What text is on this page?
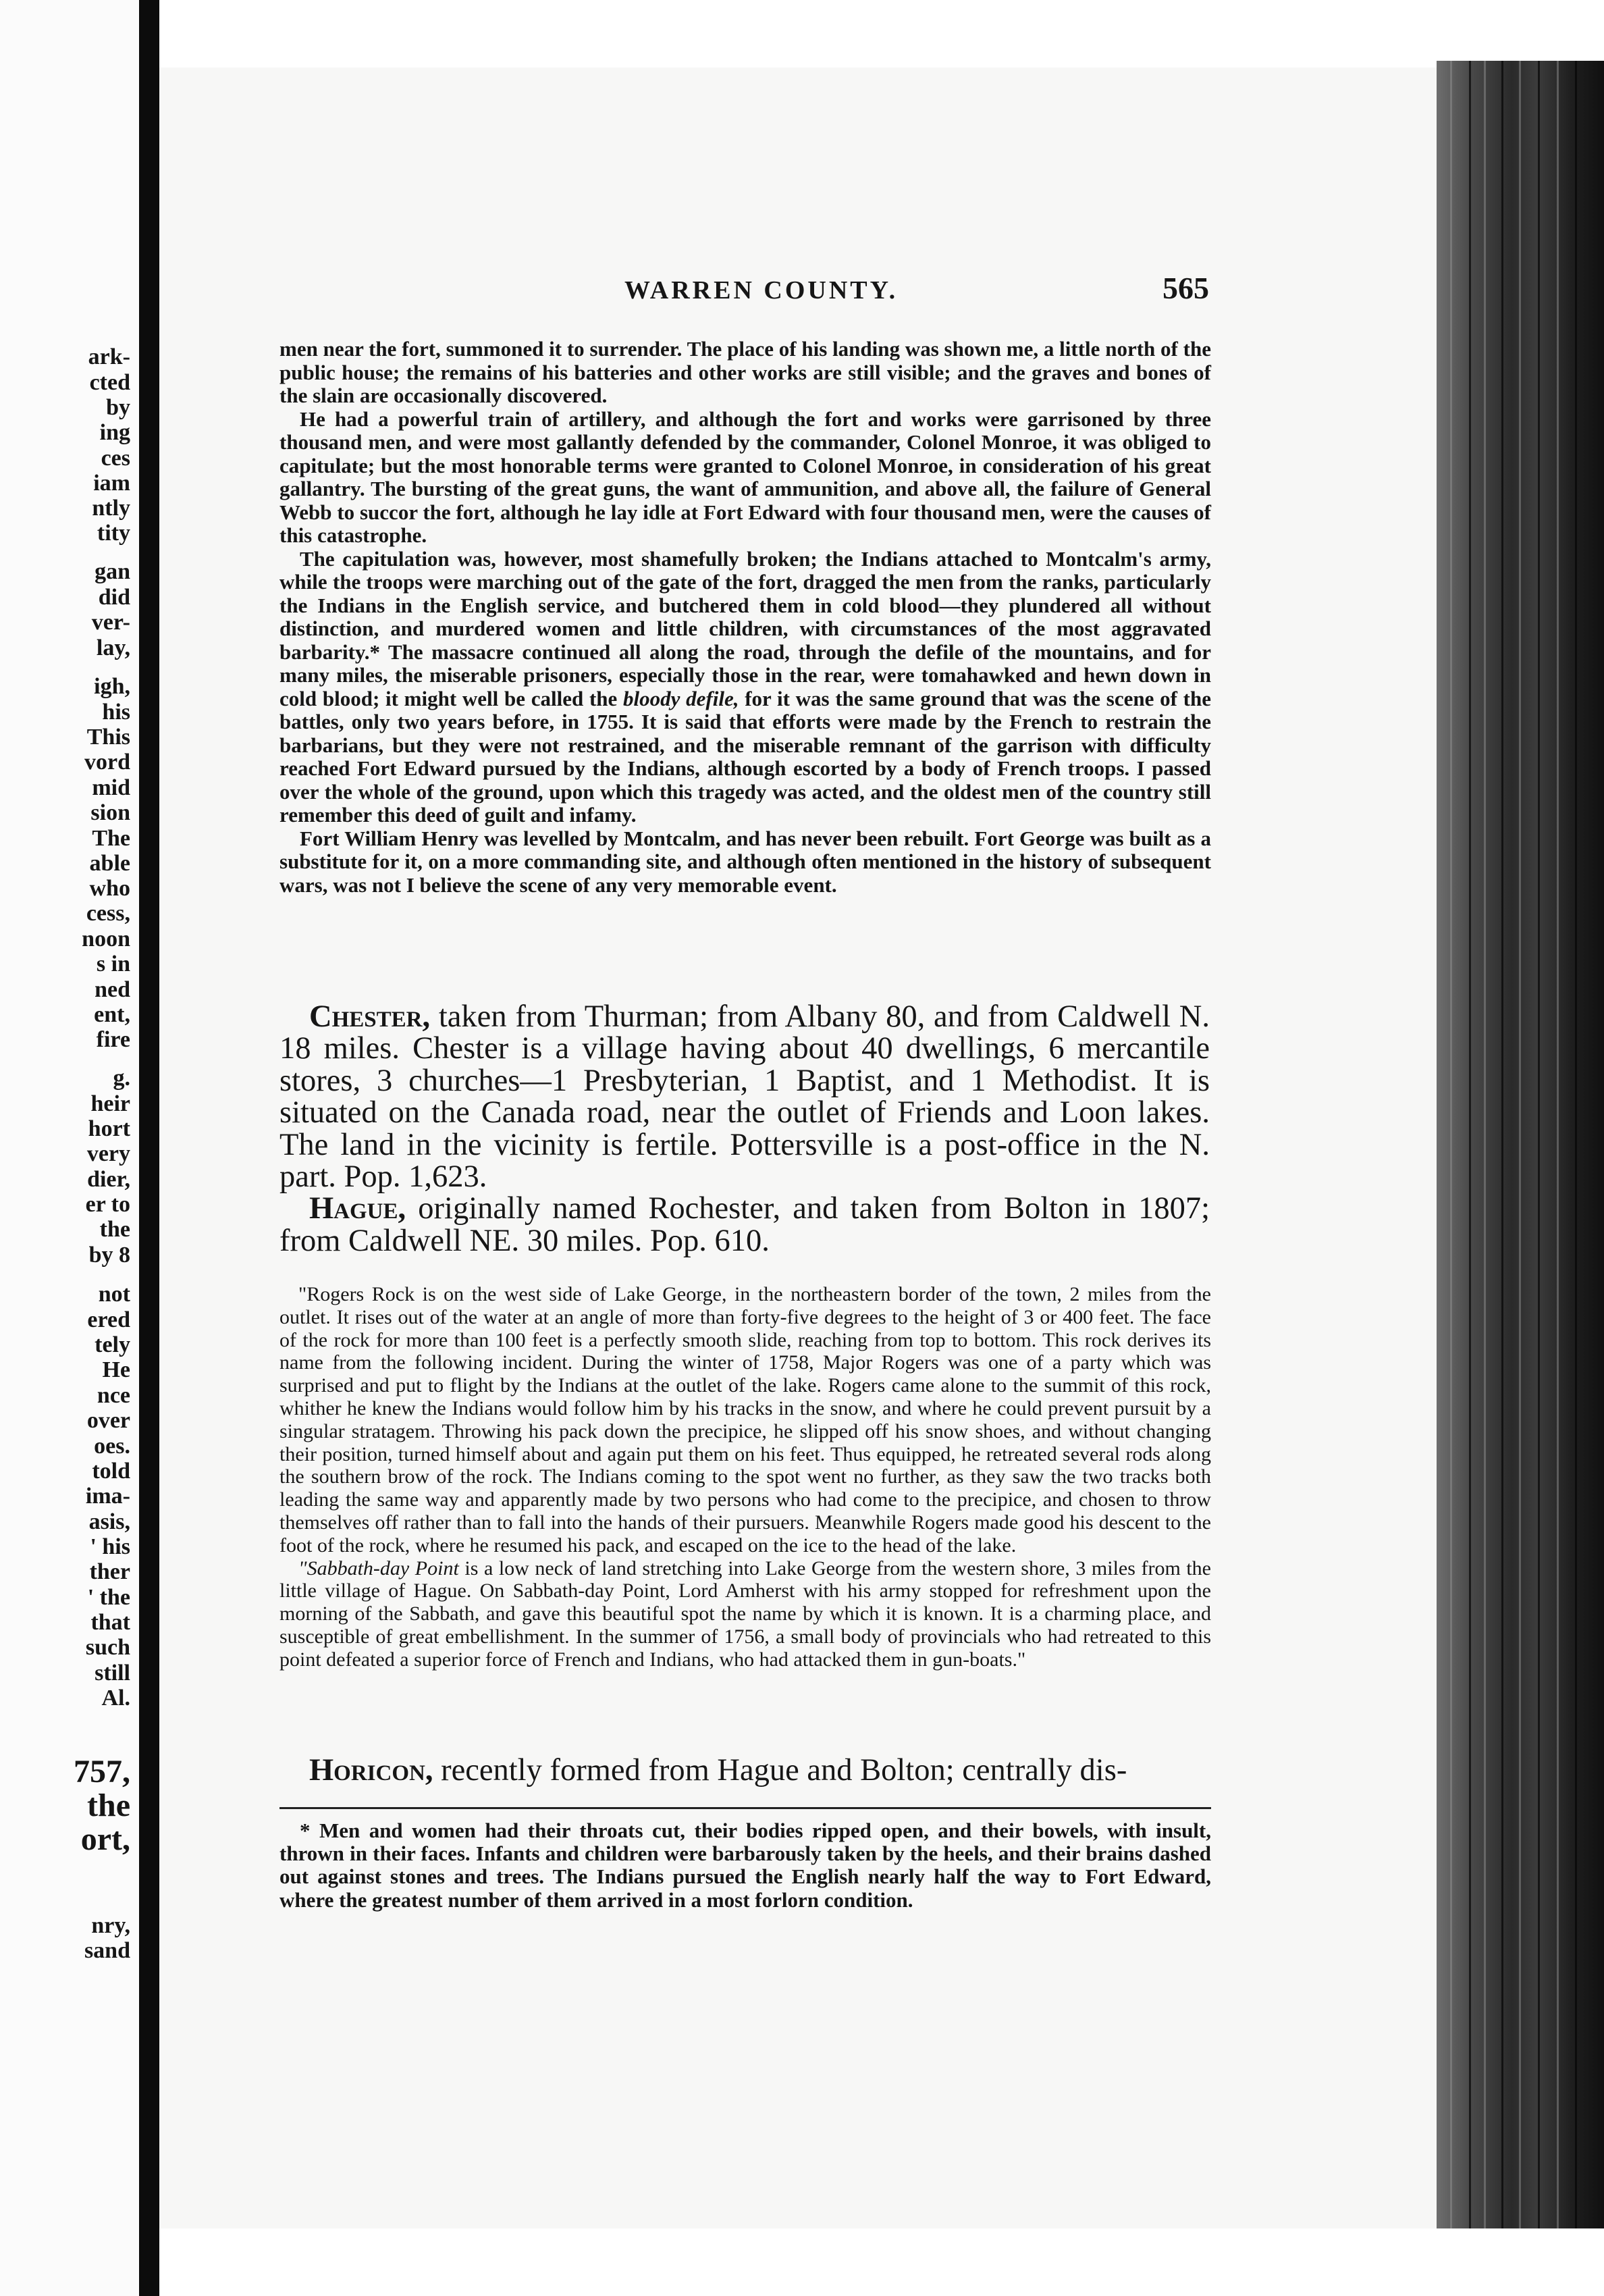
ark-
cted
by
ing
ces
iam
ntly
tity
gan
did
ver-
lay,
igh,
his
This
vord
mid
sion
The
able
who
cess,
noon
s in
ned
ent,
fire
g.
heir
hort
very
dier,
er to
the
by 8
not
ered
tely
He
nce
over
oes.
told
ima-
asis,
' his
ther
' the
that
such
still
Al.
757,
the
ort,
nry,
sand
WARREN COUNTY.	565

men near the fort, summoned it to surrender. The place of his landing was shown me, a little north of the public house; the remains of his batteries and other works are still visible; and the graves and bones of the slain are occasionally discovered.

He had a powerful train of artillery, and although the fort and works were garrisoned by three thousand men, and were most gallantly defended by the commander, Colonel Monroe, it was obliged to capitulate; but the most honorable terms were granted to Colonel Monroe, in consideration of his great gallantry. The bursting of the great guns, the want of ammunition, and above all, the failure of General Webb to succor the fort, although he lay idle at Fort Edward with four thousand men, were the causes of this catastrophe.

The capitulation was, however, most shamefully broken; the Indians attached to Montcalm's army, while the troops were marching out of the gate of the fort, dragged the men from the ranks, particularly the Indians in the English service, and butchered them in cold blood—they plundered all without distinction, and murdered women and little children, with circumstances of the most aggravated barbarity.* The massacre continued all along the road, through the defile of the mountains, and for many miles, the miserable prisoners, especially those in the rear, were tomahawked and hewn down in cold blood; it might well be called the bloody defile, for it was the same ground that was the scene of the battles, only two years before, in 1755. It is said that efforts were made by the French to restrain the barbarians, but they were not restrained, and the miserable remnant of the garrison with difficulty reached Fort Edward pursued by the Indians, although escorted by a body of French troops. I passed over the whole of the ground, upon which this tragedy was acted, and the oldest men of the country still remember this deed of guilt and infamy.

Fort William Henry was levelled by Montcalm, and has never been rebuilt. Fort George was built as a substitute for it, on a more commanding site, and although often mentioned in the history of subsequent wars, was not I believe the scene of any very memorable event.

Chester, taken from Thurman; from Albany 80, and from Caldwell N. 18 miles. Chester is a village having about 40 dwellings, 6 mercantile stores, 3 churches—1 Presbyterian, 1 Baptist, and 1 Methodist. It is situated on the Canada road, near the outlet of Friends and Loon lakes. The land in the vicinity is fertile. Pottersville is a post-office in the N. part. Pop. 1,623.

Hague, originally named Rochester, and taken from Bolton in 1807; from Caldwell NE. 30 miles. Pop. 610.

"Rogers Rock is on the west side of Lake George, in the northeastern border of the town, 2 miles from the outlet. It rises out of the water at an angle of more than forty-five degrees to the height of 3 or 400 feet. The face of the rock for more than 100 feet is a perfectly smooth slide, reaching from top to bottom. This rock derives its name from the following incident. During the winter of 1758, Major Rogers was one of a party which was surprised and put to flight by the Indians at the outlet of the lake. Rogers came alone to the summit of this rock, whither he knew the Indians would follow him by his tracks in the snow, and where he could prevent pursuit by a singular stratagem. Throwing his pack down the precipice, he slipped off his snow shoes, and without changing their position, turned himself about and again put them on his feet. Thus equipped, he retreated several rods along the southern brow of the rock. The Indians coming to the spot went no further, as they saw the two tracks both leading the same way and apparently made by two persons who had come to the precipice, and chosen to throw themselves off rather than to fall into the hands of their pursuers. Meanwhile Rogers made good his descent to the foot of the rock, where he resumed his pack, and escaped on the ice to the head of the lake.

"Sabbath-day Point is a low neck of land stretching into Lake George from the western shore, 3 miles from the little village of Hague. On Sabbath-day Point, Lord Amherst with his army stopped for refreshment upon the morning of the Sabbath, and gave this beautiful spot the name by which it is known. It is a charming place, and susceptible of great embellishment. In the summer of 1756, a small body of provincials who had retreated to this point defeated a superior force of French and Indians, who had attacked them in gun-boats."

Horicon, recently formed from Hague and Bolton; centrally dis-

* Men and women had their throats cut, their bodies ripped open, and their bowels, with insult, thrown in their faces. Infants and children were barbarously taken by the heels, and their brains dashed out against stones and trees. The Indians pursued the English nearly half the way to Fort Edward, where the greatest number of them arrived in a most forlorn condition.
